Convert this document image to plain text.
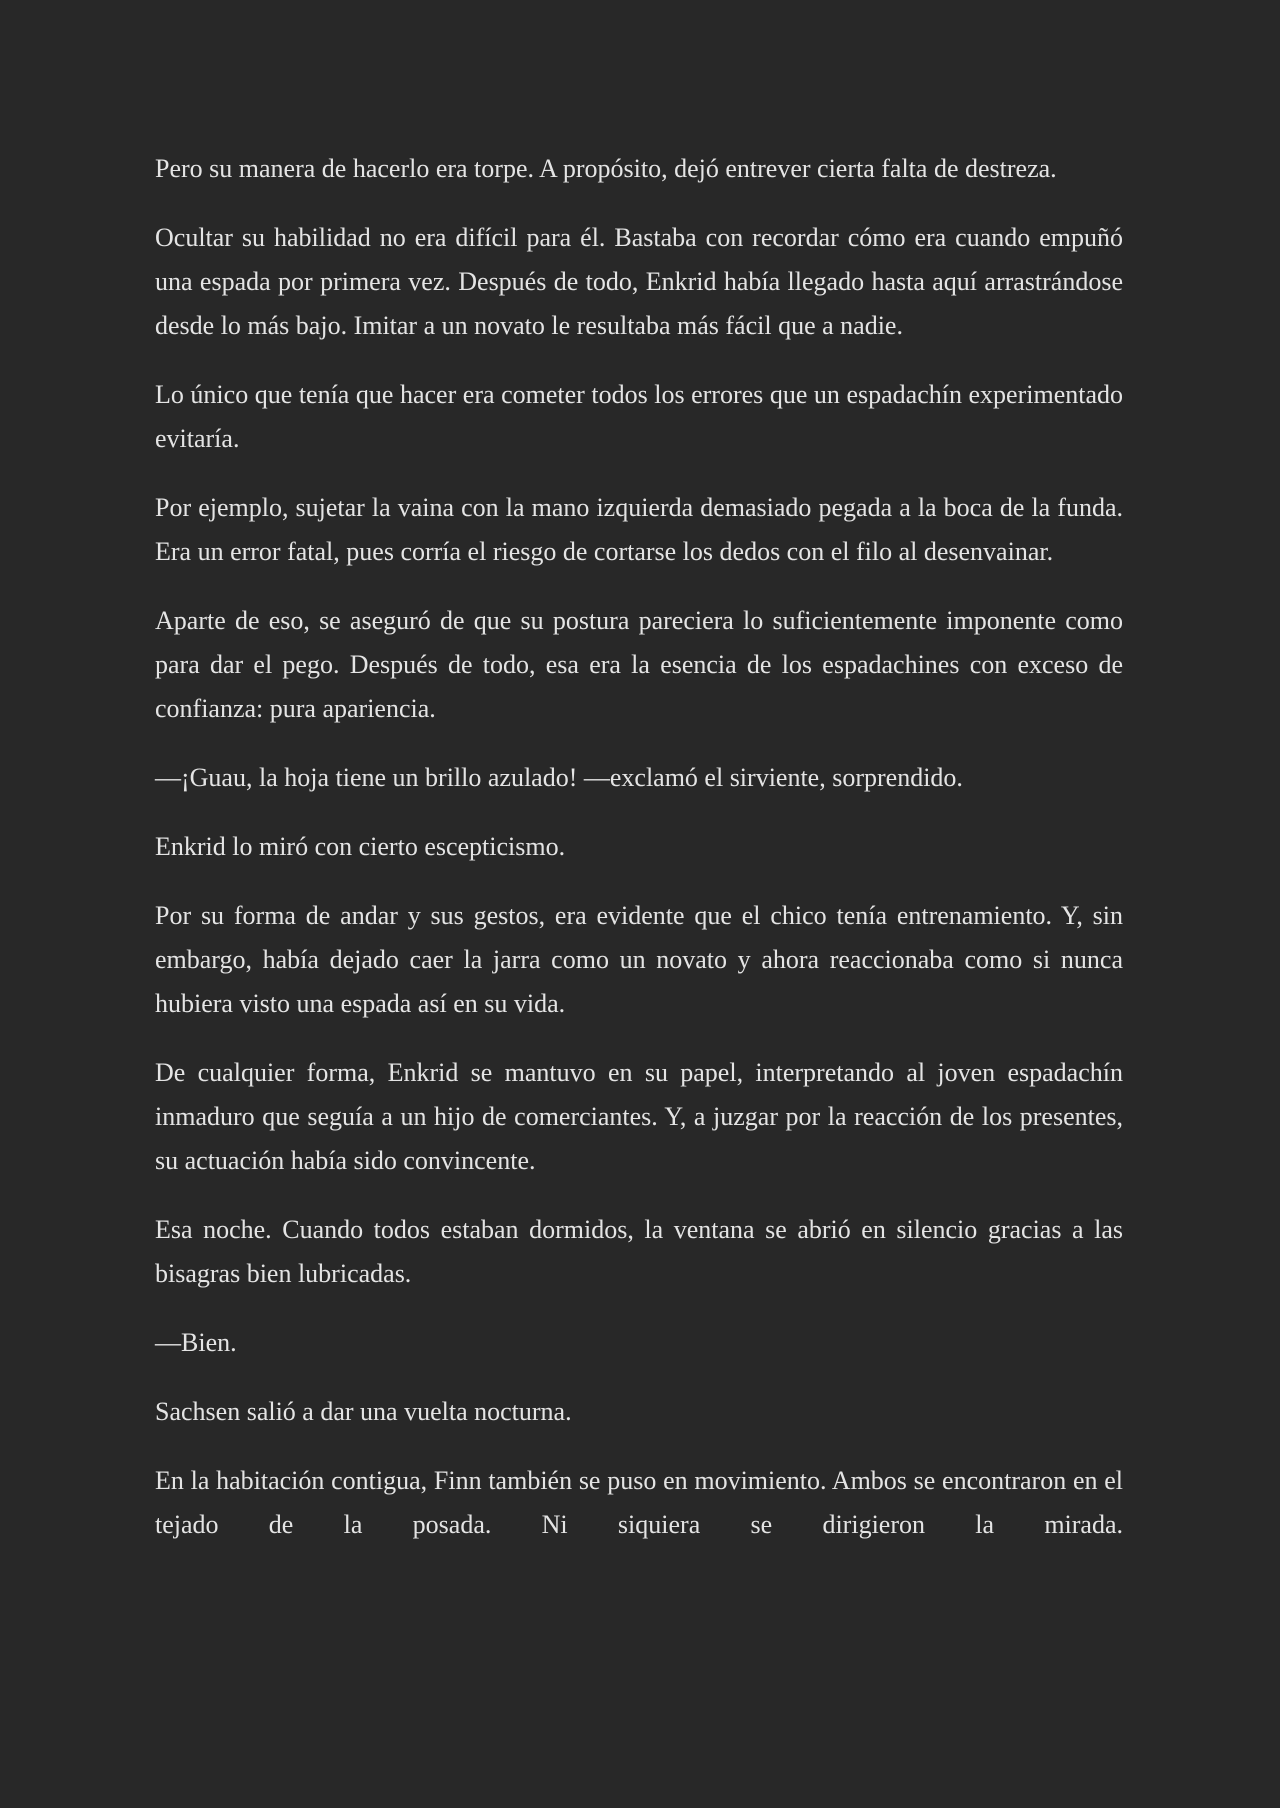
Pero su manera de hacerlo era torpe. A propósito, dejó entrever cierta falta de destreza.

Ocultar su habilidad no era difícil para él. Bastaba con recordar cómo era cuando empuñó una espada por primera vez. Después de todo, Enkrid había llegado hasta aquí arrastrándose desde lo más bajo. Imitar a un novato le resultaba más fácil que a nadie.

Lo único que tenía que hacer era cometer todos los errores que un espadachín experimentado evitaría.

Por ejemplo, sujetar la vaina con la mano izquierda demasiado pegada a la boca de la funda. Era un error fatal, pues corría el riesgo de cortarse los dedos con el filo al desenvainar.

Aparte de eso, se aseguró de que su postura pareciera lo suficientemente imponente como para dar el pego. Después de todo, esa era la esencia de los espadachines con exceso de confianza: pura apariencia.

—¡Guau, la hoja tiene un brillo azulado! —exclamó el sirviente, sorprendido.

Enkrid lo miró con cierto escepticismo.

Por su forma de andar y sus gestos, era evidente que el chico tenía entrenamiento. Y, sin embargo, había dejado caer la jarra como un novato y ahora reaccionaba como si nunca hubiera visto una espada así en su vida.

De cualquier forma, Enkrid se mantuvo en su papel, interpretando al joven espadachín inmaduro que seguía a un hijo de comerciantes. Y, a juzgar por la reacción de los presentes, su actuación había sido convincente.

Esa noche. Cuando todos estaban dormidos, la ventana se abrió en silencio gracias a las bisagras bien lubricadas.

—Bien.

Sachsen salió a dar una vuelta nocturna.

En la habitación contigua, Finn también se puso en movimiento. Ambos se encontraron en el tejado de la posada. Ni siquiera se dirigieron la mirada.
